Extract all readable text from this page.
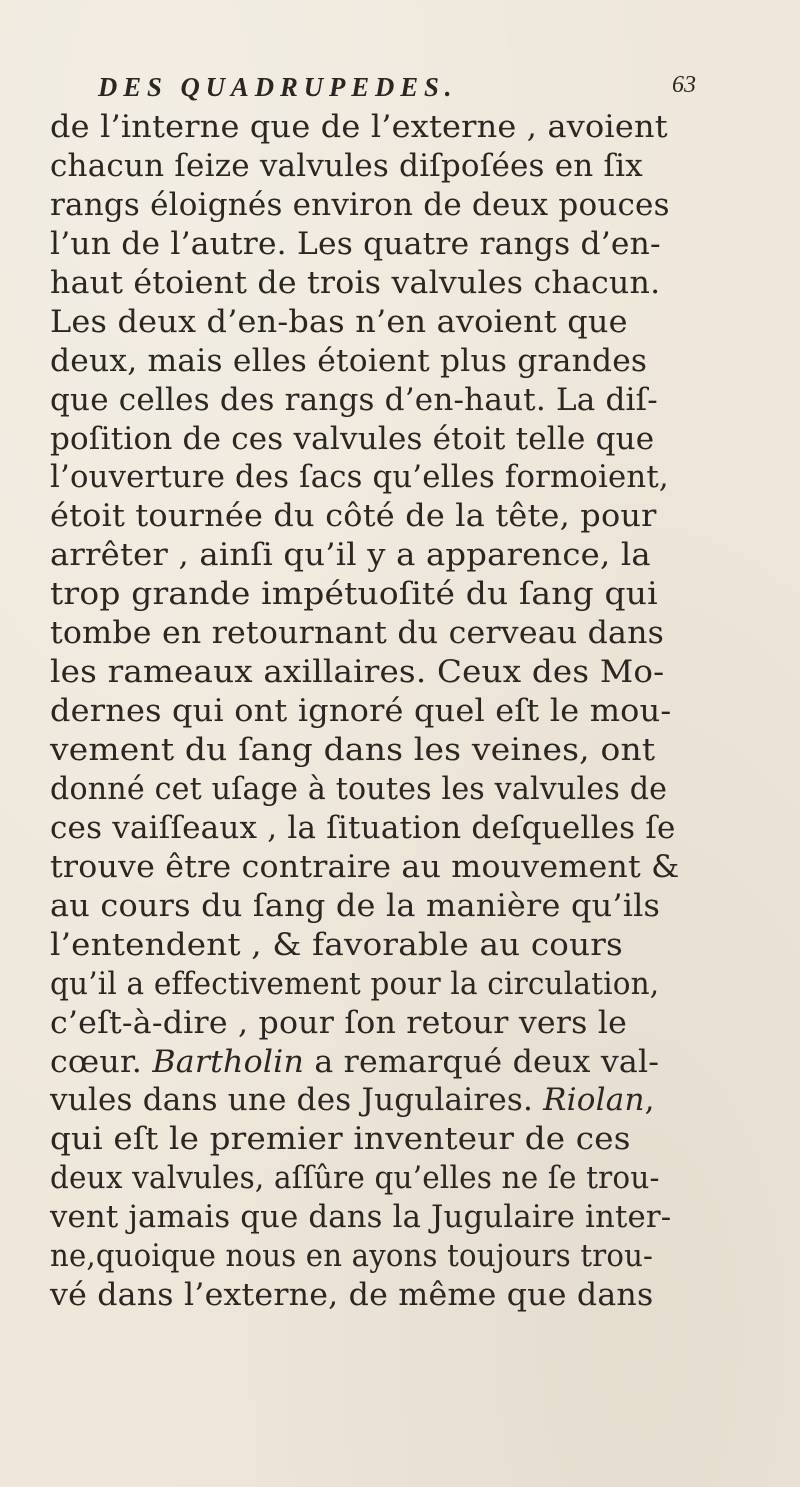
DES QUADRUPEDES.	63
de l’interne que de l’externe , avoient
chacun ſeize valvules diſpoſées en ſix
rangs éloignés environ de deux pouces
l’un de l’autre. Les quatre rangs d’en-
haut étoient de trois valvules chacun.
Les deux d’en-bas n’en avoient que
deux, mais elles étoient plus grandes
que celles des rangs d’en-haut. La diſ-
poſition de ces valvules étoit telle que
l’ouverture des ſacs qu’elles formoient,
étoit tournée du côté de la tête, pour
arrêter , ainſi qu’il y a apparence, la
trop grande impétuoſité du ſang qui
tombe en retournant du cerveau dans
les rameaux axillaires. Ceux des Mo-
dernes qui ont ignoré quel eſt le mou-
vement du ſang dans les veines, ont
donné cet uſage à toutes les valvules de
ces vaiſſeaux , la ſituation deſquelles ſe
trouve être contraire au mouvement &
au cours du ſang de la manière qu’ils
l’entendent , & favorable au cours
qu’il a effectivement pour la circulation,
c’eſt-à-dire , pour ſon retour vers le
cœur. Bartholin a remarqué deux val-
vules dans une des Jugulaires. Riolan,
qui eſt le premier inventeur de ces
deux valvules, aſſûre qu’elles ne ſe trou-
vent jamais que dans la Jugulaire inter-
ne,quoique nous en ayons toujours trou-
vé dans l’externe, de même que dans
